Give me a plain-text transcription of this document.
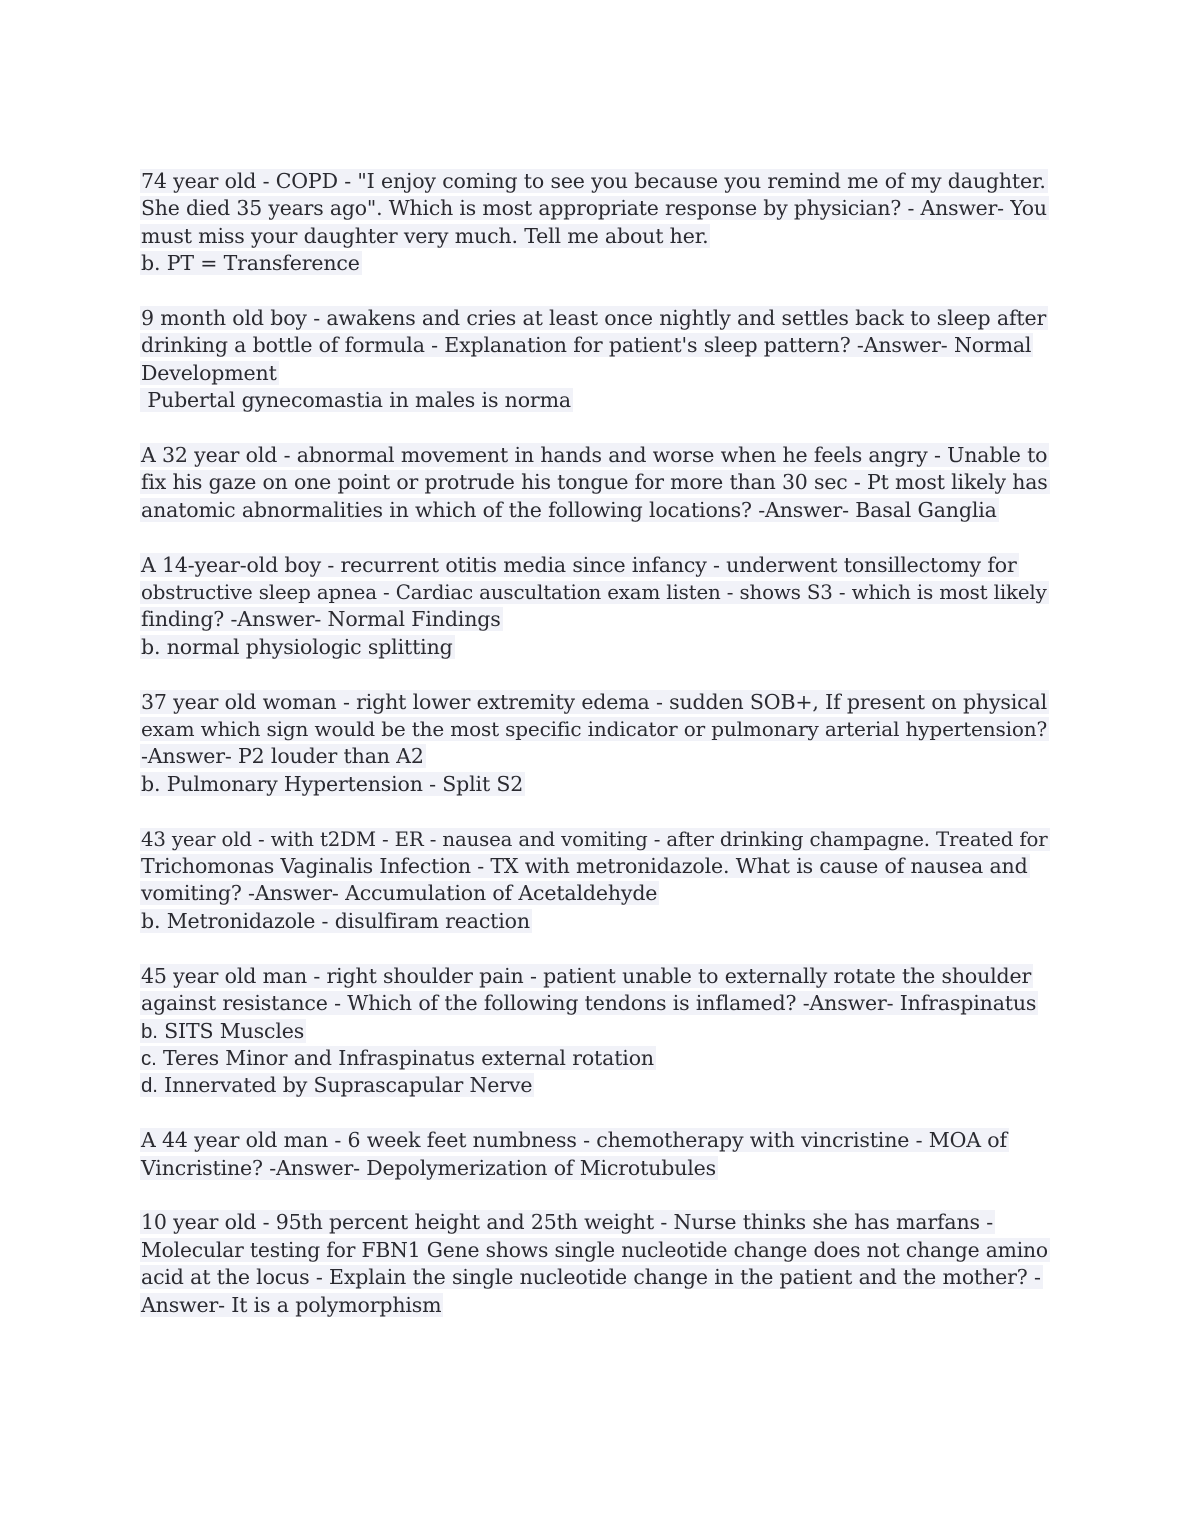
74 year old - COPD - "I enjoy coming to see you because you remind me of my daughter.
She died 35 years ago". Which is most appropriate response by physician? - Answer- You
must miss your daughter very much. Tell me about her.
b. PT = Transference
9 month old boy - awakens and cries at least once nightly and settles back to sleep after
drinking a bottle of formula - Explanation for patient's sleep pattern? -Answer- Normal
Development
Pubertal gynecomastia in males is norma
A 32 year old - abnormal movement in hands and worse when he feels angry - Unable to
fix his gaze on one point or protrude his tongue for more than 30 sec - Pt most likely has
anatomic abnormalities in which of the following locations? -Answer- Basal Ganglia
A 14-year-old boy - recurrent otitis media since infancy - underwent tonsillectomy for
obstructive sleep apnea - Cardiac auscultation exam listen - shows S3 - which is most likely
finding? -Answer- Normal Findings
b. normal physiologic splitting
37 year old woman - right lower extremity edema - sudden SOB+, If present on physical
exam which sign would be the most specific indicator or pulmonary arterial hypertension?
-Answer- P2 louder than A2
b. Pulmonary Hypertension - Split S2
43 year old - with t2DM - ER - nausea and vomiting - after drinking champagne. Treated for
Trichomonas Vaginalis Infection - TX with metronidazole. What is cause of nausea and
vomiting? -Answer- Accumulation of Acetaldehyde
b. Metronidazole - disulfiram reaction
45 year old man - right shoulder pain - patient unable to externally rotate the shoulder
against resistance - Which of the following tendons is inflamed? -Answer- Infraspinatus
b. SITS Muscles
c. Teres Minor and Infraspinatus external rotation
d. Innervated by Suprascapular Nerve
A 44 year old man - 6 week feet numbness - chemotherapy with vincristine - MOA of
Vincristine? -Answer- Depolymerization of Microtubules
10 year old - 95th percent height and 25th weight - Nurse thinks she has marfans -
Molecular testing for FBN1 Gene shows single nucleotide change does not change amino
acid at the locus - Explain the single nucleotide change in the patient and the mother? -
Answer- It is a polymorphism
